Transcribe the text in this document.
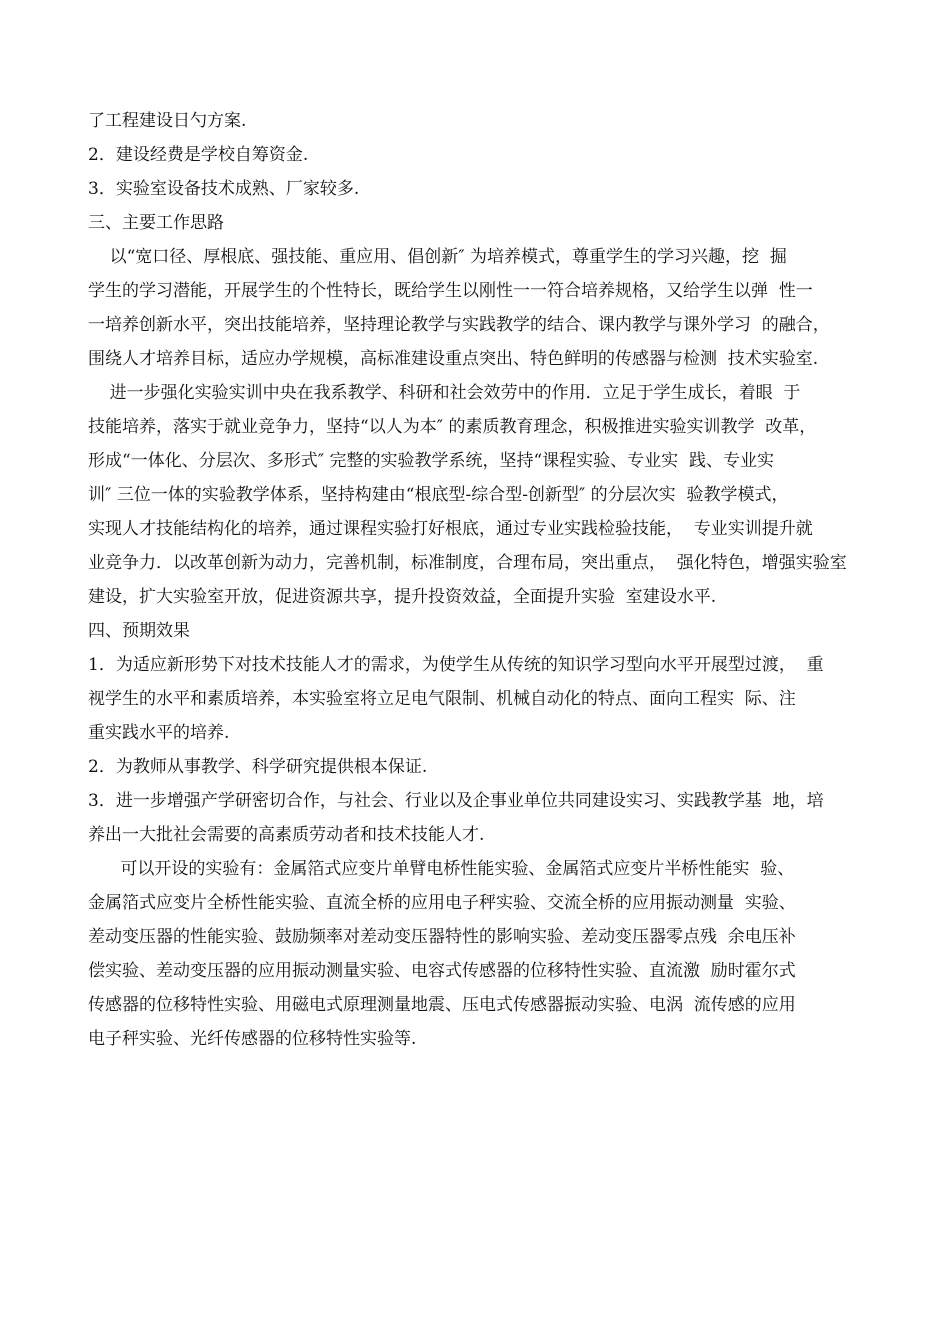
了工程建设日勺方案.
2．建设经费是学校自筹资金.
3．实验室设备技术成熟、厂家较多.
三、主要工作思路
以“宽口径、厚根底、强技能、重应用、倡创新″ 为培养模式，尊重学生的学习兴趣，挖  掘
学生的学习潜能，开展学生的个性特长，既给学生以刚性一一符合培养规格，又给学生以弹  性一
一培养创新水平，突出技能培养，坚持理论教学与实践教学的结合、课内教学与课外学习  的融合，
围绕人才培养目标，适应办学规模，高标准建设重点突出、特色鲜明的传感器与检测  技术实验室.
进一步强化实验实训中央在我系教学、科研和社会效劳中的作用．立足于学生成长，着眼  于
技能培养，落实于就业竞争力，坚持“以人为本″ 的素质教育理念，积极推进实验实训教学  改革，
形成“一体化、分层次、多形式″ 完整的实验教学系统，坚持“课程实验、专业实  践、专业实
训″ 三位一体的实验教学体系，坚持构建由“根底型-综合型-创新型″ 的分层次实  验教学模式，
实现人才技能结构化的培养，通过课程实验打好根底，通过专业实践检验技能，  专业实训提升就
业竞争力．以改革创新为动力，完善机制，标准制度，合理布局，突出重点，  强化特色，增强实验室
建设，扩大实验室开放，促进资源共享，提升投资效益，全面提升实验  室建设水平.
四、预期效果
1．为适应新形势下对技术技能人才的需求，为使学生从传统的知识学习型向水平开展型过渡，  重
视学生的水平和素质培养，本实验室将立足电气限制、机械自动化的特点、面向工程实  际、注
重实践水平的培养.
2．为教师从事教学、科学研究提供根本保证.
3．进一步增强产学研密切合作，与社会、行业以及企事业单位共同建设实习、实践教学基  地，培
养出一大批社会需要的高素质劳动者和技术技能人才.
可以开设的实验有：金属箔式应变片单臂电桥性能实验、金属箔式应变片半桥性能实  验、
金属箔式应变片全桥性能实验、直流全桥的应用电子秤实验、交流全桥的应用振动测量  实验、
差动变压器的性能实验、鼓励频率对差动变压器特性的影响实验、差动变压器零点残  余电压补
偿实验、差动变压器的应用振动测量实验、电容式传感器的位移特性实验、直流激  励时霍尔式
传感器的位移特性实验、用磁电式原理测量地震、压电式传感器振动实验、电涡  流传感的应用
电子秤实验、光纤传感器的位移特性实验等.
